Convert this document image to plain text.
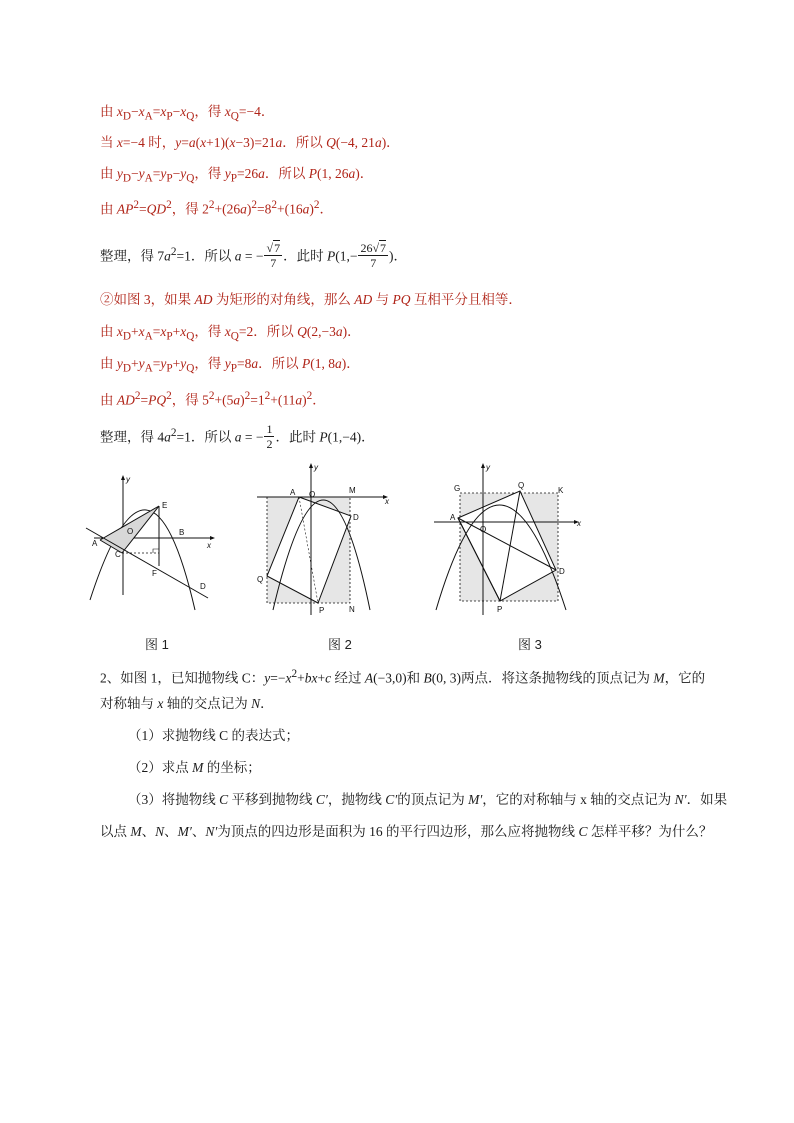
由 $x_D-x_A=x_P-x_Q$，得 $x_Q=-4$．
当 x=−4 时，y=a(x+1)(x−3)=21a．所以 Q(−4, 21a)．
由 $y_D-y_A=y_P-y_Q$，得 $y_P=26a$．所以 P(1, 26a)．
由 $AP^2=QD^2$，得 $2^2+(26a)^2=8^2+(16a)^2$．
整理，得 $7a^2=1$．所以 a = − $\frac{√7}{7}$ ．此时 $P(1,- \frac{26√7}{7}$ )．
②如图 3，如果 AD 为矩形的对角线，那么 AD 与 PQ 互相平分且相等．
由 $x_D+x_A=x_P+x_Q$，得 $x_Q=2$．所以 Q(2,−3a)．
由 $y_D+y_A=y_P+y_Q$，得 $y_P=8a$．所以 P(1, 8a)．
由 $AD^2=PQ^2$，得 $5^2+(5a)^2=1^2+(11a)^2$．
整理，得 $4a^2=1$．所以 a = − $\frac{1}{2}$ ．此时 P(1,−4)．
y
x
E
A
O
C
B
F
D
图 1
y
x
A O	M
D
Q
P	N
图 2
y
x
G	Q
K
A
O
D
P
图 3
2、如图 1，已知抛物线 C：$y=-x^2+bx+c$ 经过 A(−3,0)和 B(0, 3)两点．将这条抛物线的顶点记为 M，它的
对称轴与 x 轴的交点记为 N．
（1）求抛物线 C 的表达式；
（2）求点 M 的坐标；
（3）将抛物线 C 平移到抛物线 C′，抛物线 C′的顶点记为 M′，它的对称轴与 x 轴的交点记为 N′．如果
以点 M、N、M′、N′为顶点的四边形是面积为 16 的平行四边形，那么应将抛物线 C 怎样平移？为什么？
